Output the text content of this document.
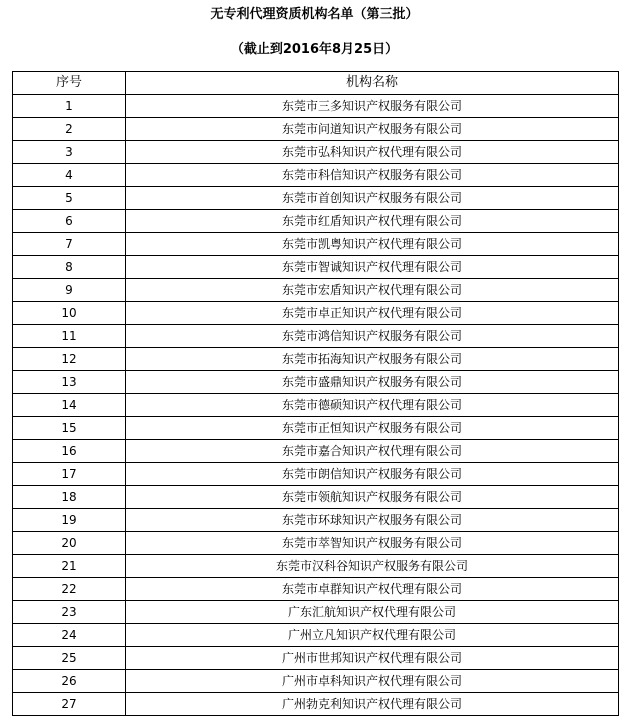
无专利代理资质机构名单（第三批）
（截止到2016年8月25日）
序号	机构名称
1	东莞市三多知识产权服务有限公司
2	东莞市问道知识产权服务有限公司
3	东莞市弘科知识产权代理有限公司
4	东莞市科信知识产权服务有限公司
5	东莞市首创知识产权服务有限公司
6	东莞市红盾知识产权代理有限公司
7	东莞市凯粤知识产权代理有限公司
8	东莞市智诚知识产权代理有限公司
9	东莞市宏盾知识产权代理有限公司
10	东莞市卓正知识产权代理有限公司
11	东莞市鸿信知识产权服务有限公司
12	东莞市拓海知识产权服务有限公司
13	东莞市盛鼎知识产权服务有限公司
14	东莞市德硕知识产权代理有限公司
15	东莞市正恒知识产权服务有限公司
16	东莞市嘉合知识产权代理有限公司
17	东莞市朗信知识产权服务有限公司
18	东莞市领航知识产权服务有限公司
19	东莞市环球知识产权服务有限公司
20	东莞市萃智知识产权服务有限公司
21	东莞市汉科谷知识产权服务有限公司
22	东莞市卓群知识产权代理有限公司
23	广东汇航知识产权代理有限公司
24	广州立凡知识产权代理有限公司
25	广州市世邦知识产权代理有限公司
26	广州市卓科知识产权代理有限公司
27	广州勃克利知识产权代理有限公司
